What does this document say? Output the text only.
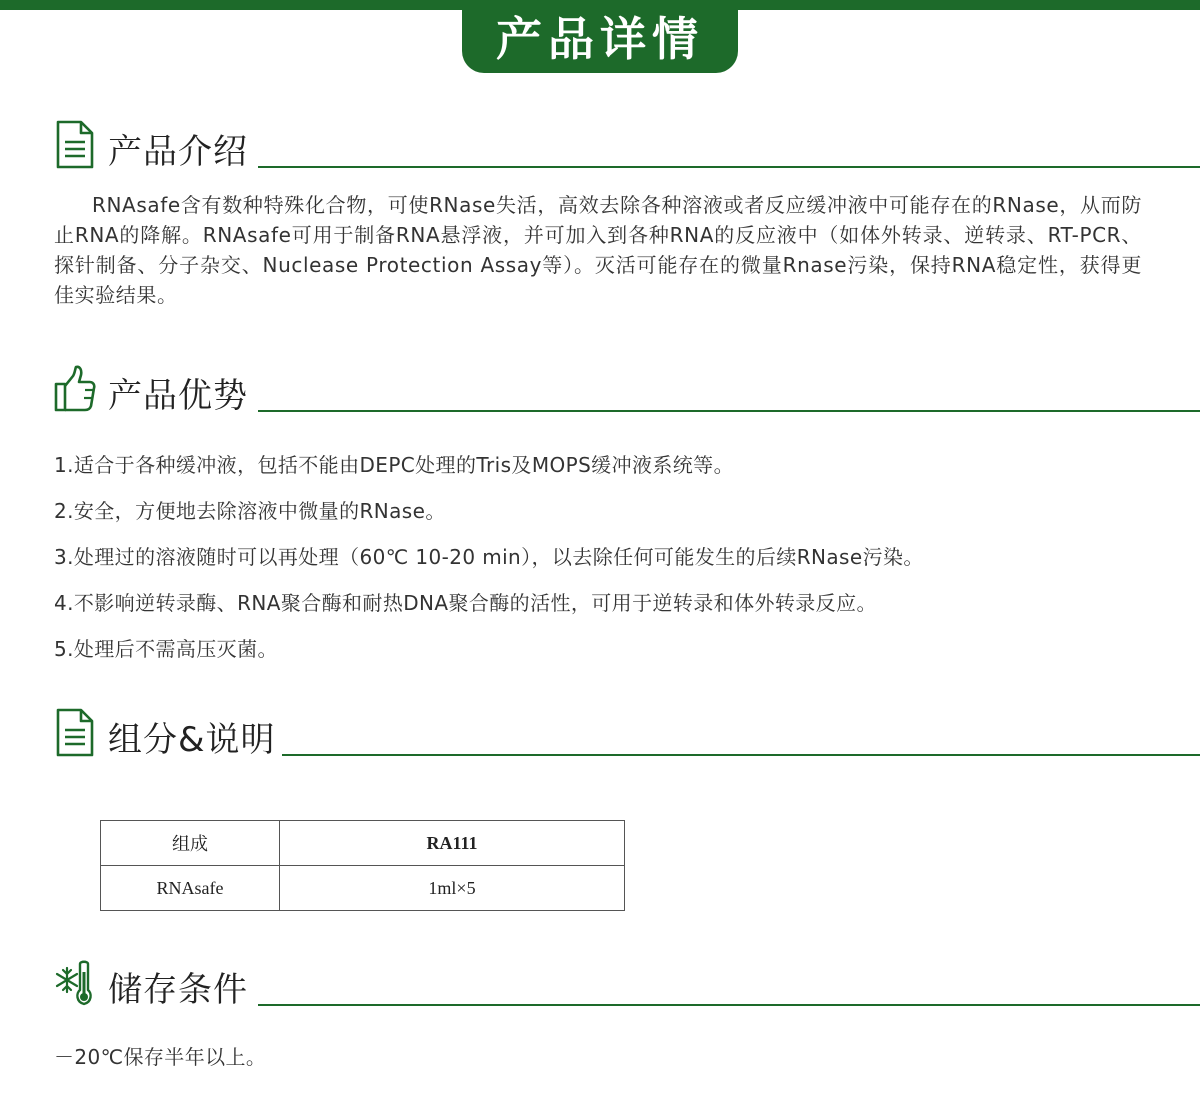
产品详情
产品介绍

RNAsafe含有数种特殊化合物，可使RNase失活，高效去除各种溶液或者反应缓冲液中可能存在的RNase，从而防止RNA的降解。RNAsafe可用于制备RNA悬浮液，并可加入到各种RNA的反应液中（如体外转录、逆转录、RT-PCR、探针制备、分子杂交、Nuclease Protection Assay等）。灭活可能存在的微量Rnase污染，保持RNA稳定性，获得更佳实验结果。

产品优势
1.适合于各种缓冲液，包括不能由DEPC处理的Tris及MOPS缓冲液系统等。
2.安全，方便地去除溶液中微量的RNase。
3.处理过的溶液随时可以再处理（60℃ 10-20 min），以去除任何可能发生的后续RNase污染。
4.不影响逆转录酶、RNA聚合酶和耐热DNA聚合酶的活性，可用于逆转录和体外转录反应。
5.处理后不需高压灭菌。
组分&说明
组成	RA111
RNAsafe	1ml×5
储存条件
－20℃保存半年以上。
